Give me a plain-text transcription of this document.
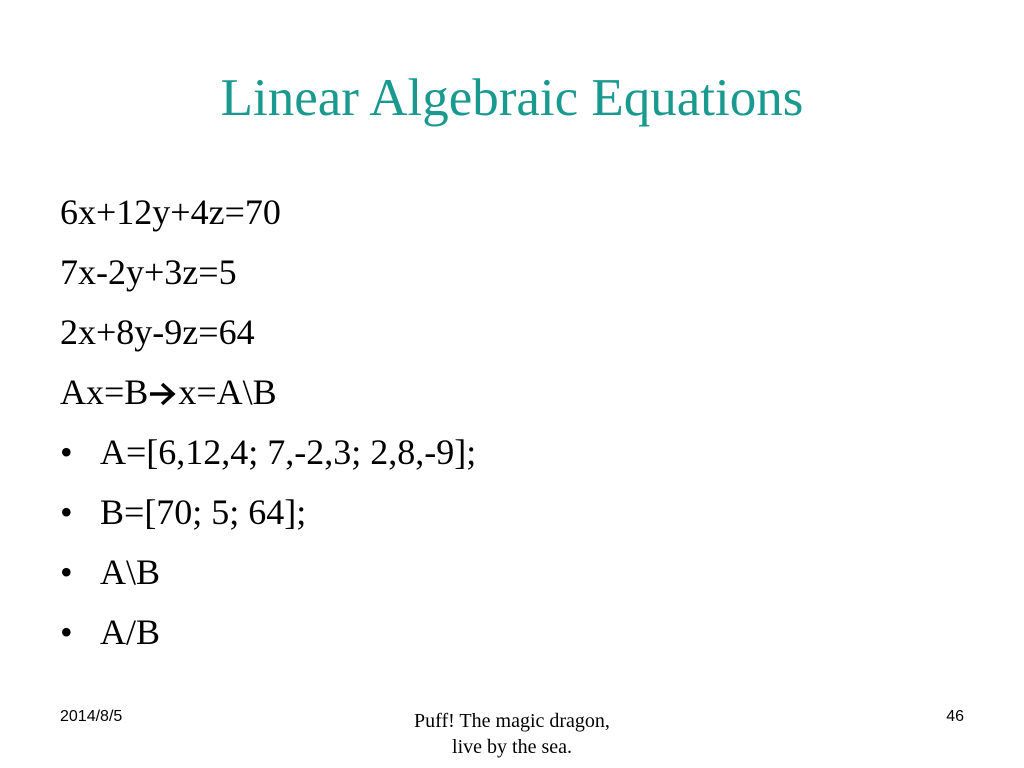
Linear Algebraic Equations
6x+12y+4z=70
7x-2y+3z=5
2x+8y-9z=64
Ax=B x=A\B
• A=[6,12,4; 7,-2,3; 2,8,-9];
• B=[70; 5; 64];
• A\B
• A/B
2014/8/5	Puff! The magic dragon,
live by the sea.
46
